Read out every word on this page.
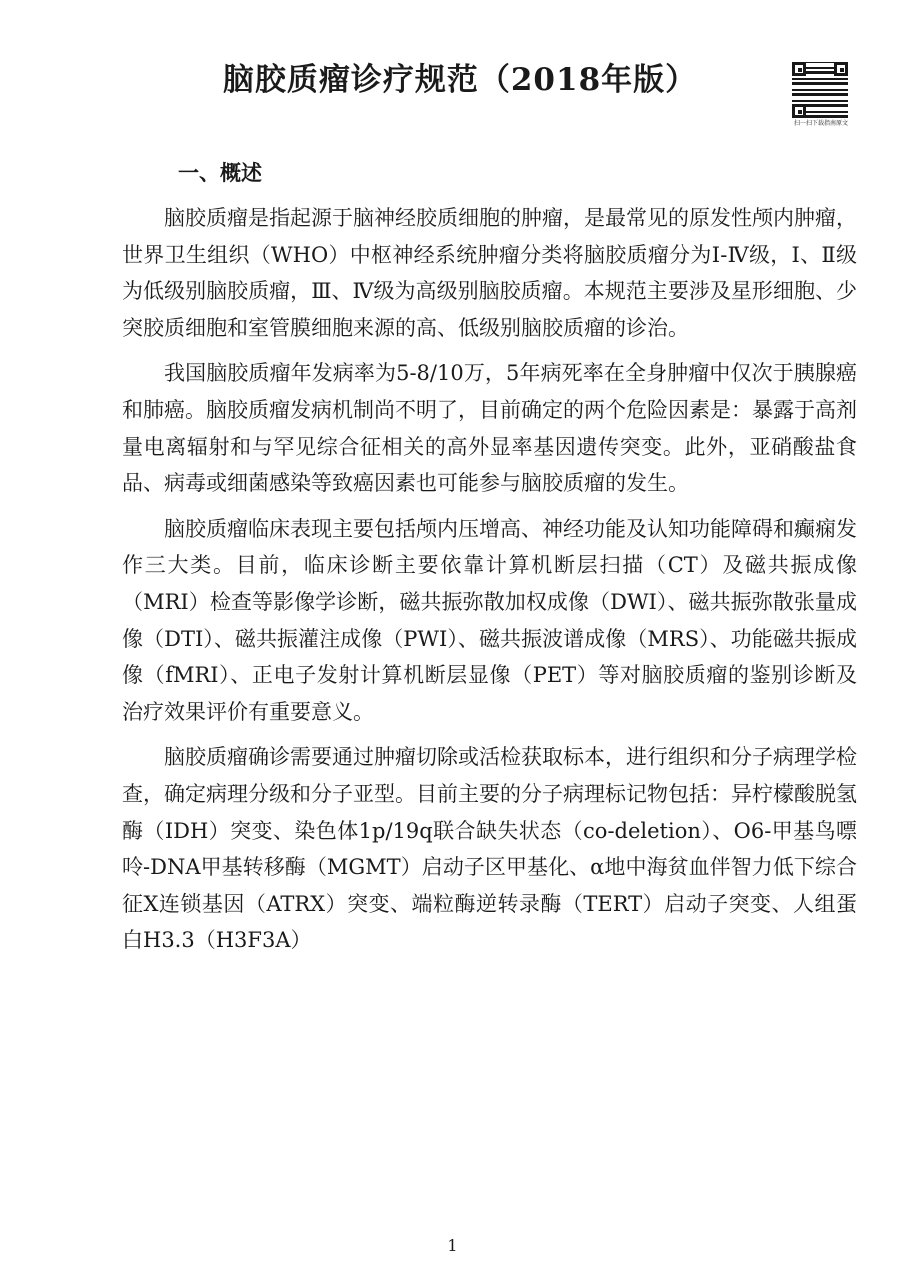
脑胶质瘤诊疗规范（2018年版）
扫一扫下载指南原文
一、概述

脑胶质瘤是指起源于脑神经胶质细胞的肿瘤，是最常见的原发性颅内肿瘤，世界卫生组织（WHO）中枢神经系统肿瘤分类将脑胶质瘤分为Ⅰ-Ⅳ级，Ⅰ、Ⅱ级为低级别脑胶质瘤，Ⅲ、Ⅳ级为高级别脑胶质瘤。本规范主要涉及星形细胞、少突胶质细胞和室管膜细胞来源的高、低级别脑胶质瘤的诊治。

我国脑胶质瘤年发病率为5-8/10万，5年病死率在全身肿瘤中仅次于胰腺癌和肺癌。脑胶质瘤发病机制尚不明了，目前确定的两个危险因素是：暴露于高剂量电离辐射和与罕见综合征相关的高外显率基因遗传突变。此外，亚硝酸盐食品、病毒或细菌感染等致癌因素也可能参与脑胶质瘤的发生。

脑胶质瘤临床表现主要包括颅内压增高、神经功能及认知功能障碍和癫痫发作三大类。目前，临床诊断主要依靠计算机断层扫描（CT）及磁共振成像（MRI）检查等影像学诊断，磁共振弥散加权成像（DWI）、磁共振弥散张量成像（DTI）、磁共振灌注成像（PWI）、磁共振波谱成像（MRS）、功能磁共振成像（fMRI）、正电子发射计算机断层显像（PET）等对脑胶质瘤的鉴别诊断及治疗效果评价有重要意义。

脑胶质瘤确诊需要通过肿瘤切除或活检获取标本，进行组织和分子病理学检查，确定病理分级和分子亚型。目前主要的分子病理标记物包括：异柠檬酸脱氢酶（IDH）突变、染色体1p/19q联合缺失状态（co-deletion）、O6-甲基鸟嘌呤-DNA甲基转移酶（MGMT）启动子区甲基化、α地中海贫血伴智力低下综合征X连锁基因（ATRX）突变、端粒酶逆转录酶（TERT）启动子突变、人组蛋白H3.3（H3F3A）

1
